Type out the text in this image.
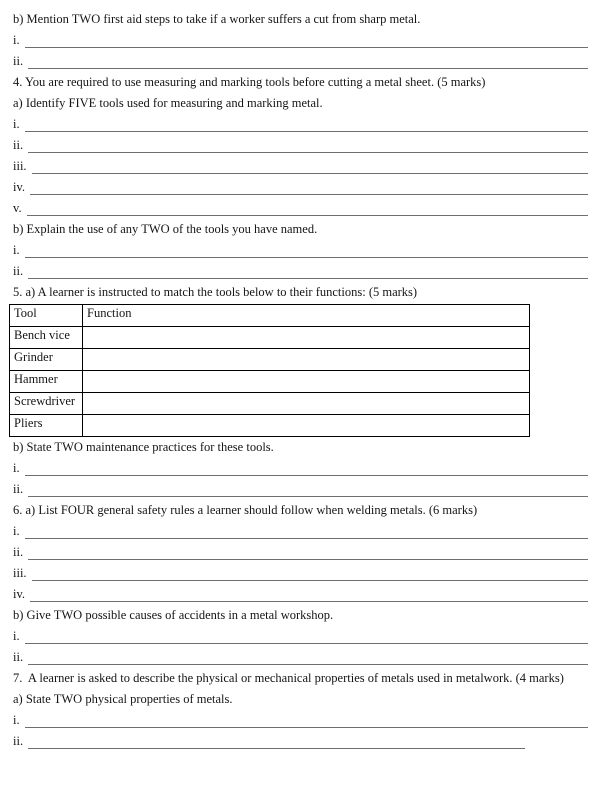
b) Mention TWO first aid steps to take if a worker suffers a cut from sharp metal.

i.
ii.

4. You are required to use measuring and marking tools before cutting a metal sheet. (5 marks)

a) Identify FIVE tools used for measuring and marking metal.

i.
ii.
iii.
iv.
v.

b) Explain the use of any TWO of the tools you have named.

i.
ii.

5. a) A learner is instructed to match the tools below to their functions: (5 marks)

Tool	Function
Bench vice	
Grinder	
Hammer	
Screwdriver	
Pliers	

b) State TWO maintenance practices for these tools.

i.
ii.

6. a) List FOUR general safety rules a learner should follow when welding metals. (6 marks)

i.
ii.
iii.
iv.

b) Give TWO possible causes of accidents in a metal workshop.

i.
ii.

7.  A learner is asked to describe the physical or mechanical properties of metals used in metalwork. (4 marks)

a) State TWO physical properties of metals.

i.
ii.
